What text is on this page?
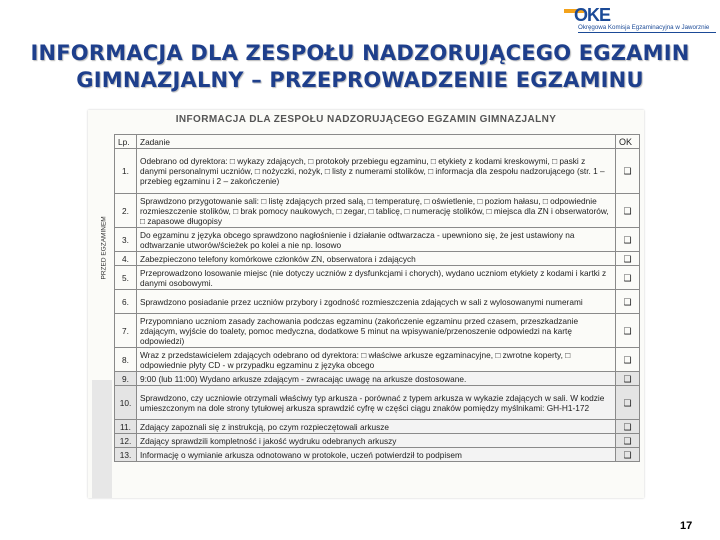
OKE
Okręgowa Komisja Egzaminacyjna w Jaworznie
INFORMACJA DLA ZESPOŁU NADZORUJĄCEGO EGZAMIN
GIMNAZJALNY – PRZEPROWADZENIE EGZAMINU
INFORMACJA DLA ZESPOŁU NADZORUJĄCEGO EGZAMIN GIMNAZJALNY
PRZED EGZAMINEM
Lp.	Zadanie	OK
1.	Odebrano od dyrektora: □ wykazy zdających, □ protokoły przebiegu egzaminu, □ etykiety z kodami kreskowymi, □ paski z danymi personalnymi uczniów, □ nożyczki, nożyk, □ listy z numerami stolików, □ informacja dla zespołu nadzorującego (str. 1 – przebieg egzaminu i 2 – zakończenie)	❑
2.	Sprawdzono przygotowanie sali: □ listę zdających przed salą, □ temperaturę, □ oświetlenie, □ poziom hałasu, □ odpowiednie rozmieszczenie stolików, □ brak pomocy naukowych, □ zegar, □ tablicę, □ numerację stolików, □ miejsca dla ZN i obserwatorów, □ zapasowe długopisy	❑
3.	Do egzaminu z języka obcego sprawdzono nagłośnienie i działanie odtwarzacza - upewniono się, że jest ustawiony na odtwarzanie utworów/ścieżek po kolei a nie np. losowo	❑
4.	Zabezpieczono telefony komórkowe członków ZN, obserwatora i zdających	❑
5.	Przeprowadzono losowanie miejsc (nie dotyczy uczniów z dysfunkcjami i chorych), wydano uczniom etykiety z kodami i kartki z danymi osobowymi.	❑
6.	Sprawdzono posiadanie przez uczniów przybory i zgodność rozmieszczenia zdających w sali z wylosowanymi numerami	❑
7.	Przypomniano uczniom zasady zachowania podczas egzaminu (zakończenie egzaminu przed czasem, przeszkadzanie zdającym, wyjście do toalety, pomoc medyczna, dodatkowe 5 minut na wpisywanie/przenoszenie odpowiedzi na kartę odpowiedzi)	❑
8.	Wraz z przedstawicielem zdających odebrano od dyrektora: □ właściwe arkusze egzaminacyjne, □ zwrotne koperty, □ odpowiednie płyty CD - w przypadku egzaminu z języka obcego	❑
9.	9:00 (lub 11:00) Wydano arkusze zdającym - zwracając uwagę na arkusze dostosowane.	❑
10.	Sprawdzono, czy uczniowie otrzymali właściwy typ arkusza - porównać z typem arkusza w wykazie zdających w sali. W kodzie umieszczonym na dole strony tytułowej arkusza sprawdzić cyfrę w części ciągu znaków pomiędzy myślnikami: GH-H1-172	❑
11.	Zdający zapoznali się z instrukcją, po czym rozpieczętowali arkusze	❑
12.	Zdający sprawdzili kompletność i jakość wydruku odebranych arkuszy	❑
13.	Informację o wymianie arkusza odnotowano w protokole, uczeń potwierdził to podpisem	❑
17
